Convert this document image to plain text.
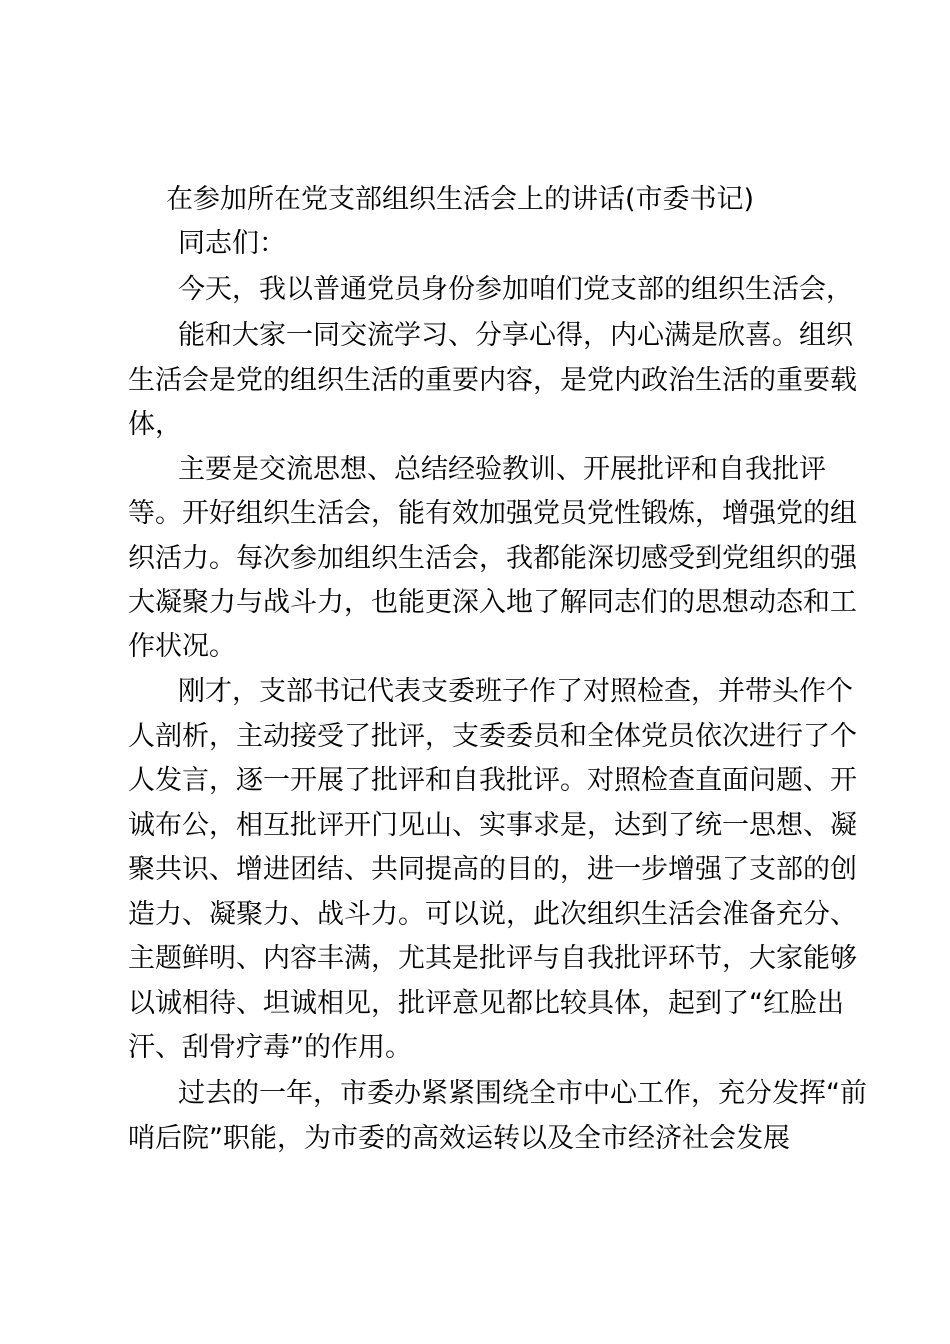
在参加所在党支部组织生活会上的讲话(市委书记)
同志们：
今天，我以普通党员身份参加咱们党支部的组织生活会，
能和大家一同交流学习、分享心得，内心满是欣喜。组织
生活会是党的组织生活的重要内容，是党内政治生活的重要载
体，
主要是交流思想、总结经验教训、开展批评和自我批评
等。开好组织生活会，能有效加强党员党性锻炼，增强党的组
织活力。每次参加组织生活会，我都能深切感受到党组织的强
大凝聚力与战斗力，也能更深入地了解同志们的思想动态和工
作状况。
刚才，支部书记代表支委班子作了对照检查，并带头作个
人剖析，主动接受了批评，支委委员和全体党员依次进行了个
人发言，逐一开展了批评和自我批评。对照检查直面问题、开
诚布公，相互批评开门见山、实事求是，达到了统一思想、凝
聚共识、增进团结、共同提高的目的，进一步增强了支部的创
造力、凝聚力、战斗力。可以说，此次组织生活会准备充分、
主题鲜明、内容丰满，尤其是批评与自我批评环节，大家能够
以诚相待、坦诚相见，批评意见都比较具体，起到了“红脸出
汗、刮骨疗毒”的作用。
过去的一年，市委办紧紧围绕全市中心工作，充分发挥“前
哨后院”职能，为市委的高效运转以及全市经济社会发展
